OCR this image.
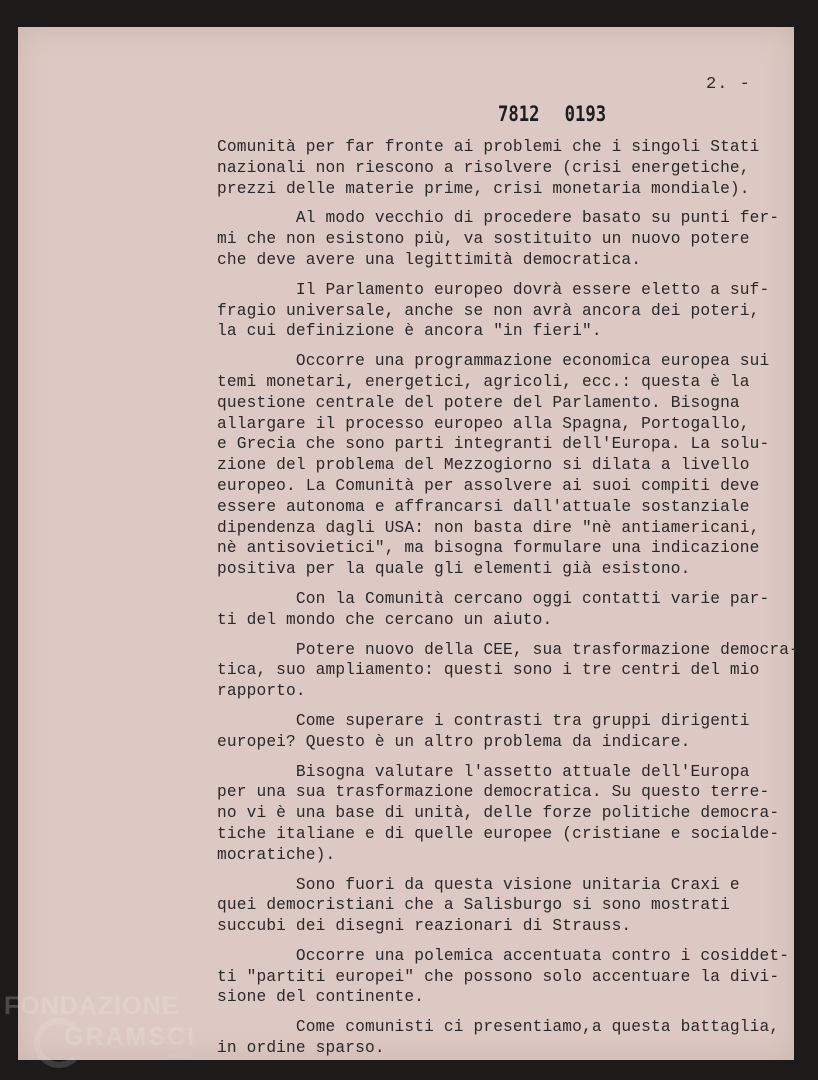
2. -
7812 0193
Comunità per far fronte ai problemi che i singoli Stati
nazionali non riescono a risolvere (crisi energetiche,
prezzi delle materie prime, crisi monetaria mondiale).
Al modo vecchio di procedere basato su punti fer-
mi che non esistono più, va sostituito un nuovo potere
che deve avere una legittimità democratica.
Il Parlamento europeo dovrà essere eletto a suf-
fragio universale, anche se non avrà ancora dei poteri,
la cui definizione è ancora "in fieri".
Occorre una programmazione economica europea sui
temi monetari, energetici, agricoli, ecc.: questa è la
questione centrale del potere del Parlamento. Bisogna
allargare il processo europeo alla Spagna, Portogallo,
e Grecia che sono parti integranti dell'Europa. La solu-
zione del problema del Mezzogiorno si dilata a livello
europeo. La Comunità per assolvere ai suoi compiti deve
essere autonoma e affrancarsi dall'attuale sostanziale
dipendenza dagli USA: non basta dire "nè antiamericani,
nè antisovietici", ma bisogna formulare una indicazione
positiva per la quale gli elementi già esistono.
Con la Comunità cercano oggi contatti varie par-
ti del mondo che cercano un aiuto.
Potere nuovo della CEE, sua trasformazione democra-
tica, suo ampliamento: questi sono i tre centri del mio
rapporto.
Come superare i contrasti tra gruppi dirigenti
europei? Questo è un altro problema da indicare.
Bisogna valutare l'assetto attuale dell'Europa
per una sua trasformazione democratica. Su questo terre-
no vi è una base di unità, delle forze politiche democra-
tiche italiane e di quelle europee (cristiane e socialde-
mocratiche).
Sono fuori da questa visione unitaria Craxi e
quei democristiani che a Salisburgo si sono mostrati
succubi dei disegni reazionari di Strauss.
Occorre una polemica accentuata contro i cosiddet-
ti "partiti europei" che possono solo accentuare la divi-
sione del continente.
Come comunisti ci presentiamo,a questa battaglia,
in ordine sparso.
FONDAZIONE
GRAMSCI
onlus
